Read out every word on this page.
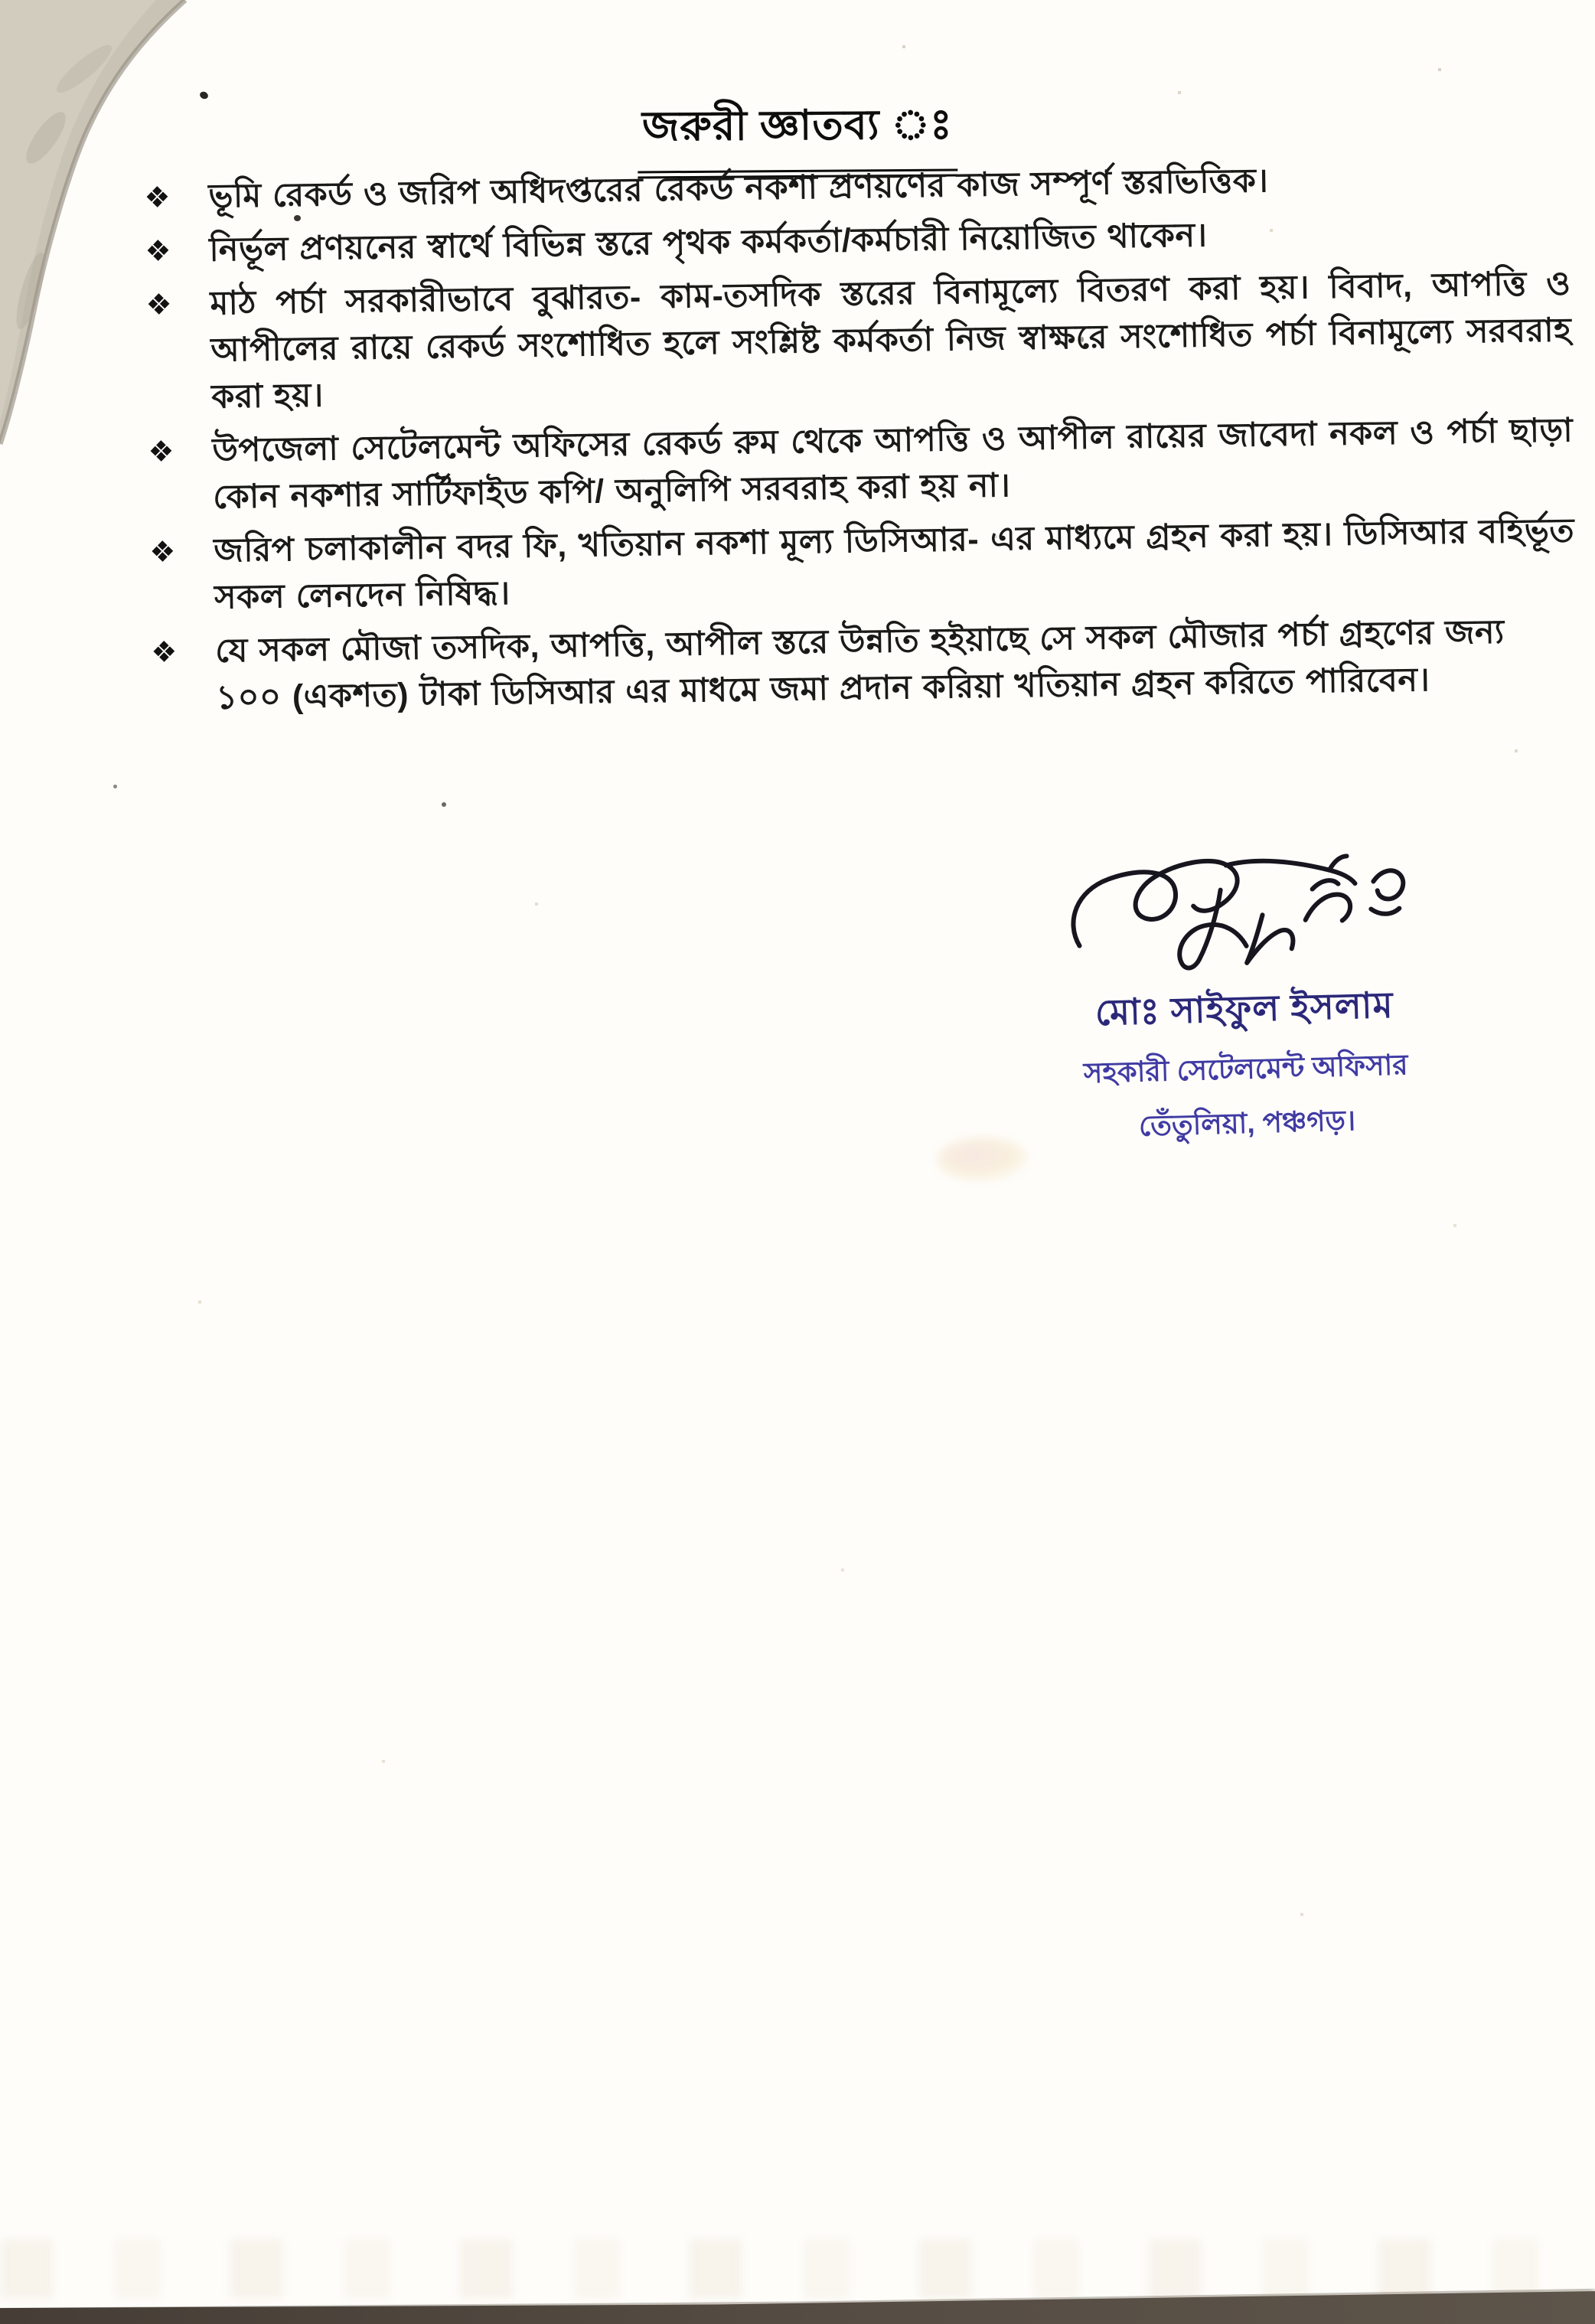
জরুরী জ্ঞাতব্য ঃ
❖	ভূমি রেকর্ড ও জরিপ অধিদপ্তরের রেকর্ড নকশা প্রণয়ণের কাজ সম্পূর্ণ স্তরভিত্তিক।
❖	নির্ভূল প্রণয়নের স্বার্থে বিভিন্ন স্তরে পৃথক কর্মকর্তা/কর্মচারী নিয়োজিত থাকেন।
❖	মাঠ পর্চা সরকারীভাবে বুঝারত- কাম-তসদিক স্তরের বিনামূল্যে বিতরণ করা হয়। বিবাদ, আপত্তি ও আপীলের রায়ে রেকর্ড সংশোধিত হলে সংশ্লিষ্ট কর্মকর্তা নিজ স্বাক্ষরে সংশোধিত পর্চা বিনামূল্যে সরবরাহ করা হয়।
❖	উপজেলা সেটেলমেন্ট অফিসের রেকর্ড রুম থেকে আপত্তি ও আপীল রায়ের জাবেদা নকল ও পর্চা ছাড়া কোন নকশার সার্টিফাইড কপি/ অনুলিপি সরবরাহ করা হয় না।
❖	জরিপ চলাকালীন বদর ফি, খতিয়ান নকশা মূল্য ডিসিআর- এর মাধ্যমে গ্রহন করা হয়। ডিসিআর বহির্ভূত সকল লেনদেন নিষিদ্ধ।
❖	যে সকল মৌজা তসদিক, আপত্তি, আপীল স্তরে উন্নতি হইয়াছে সে সকল মৌজার পর্চা গ্রহণের জন্য ১০০ (একশত) টাকা ডিসিআর এর মাধমে জমা প্রদান করিয়া খতিয়ান গ্রহন করিতে পারিবেন।
মোঃ সাইফুল ইসলাম
সহকারী সেটেলমেন্ট অফিসার
তেঁতুলিয়া, পঞ্চগড়।
